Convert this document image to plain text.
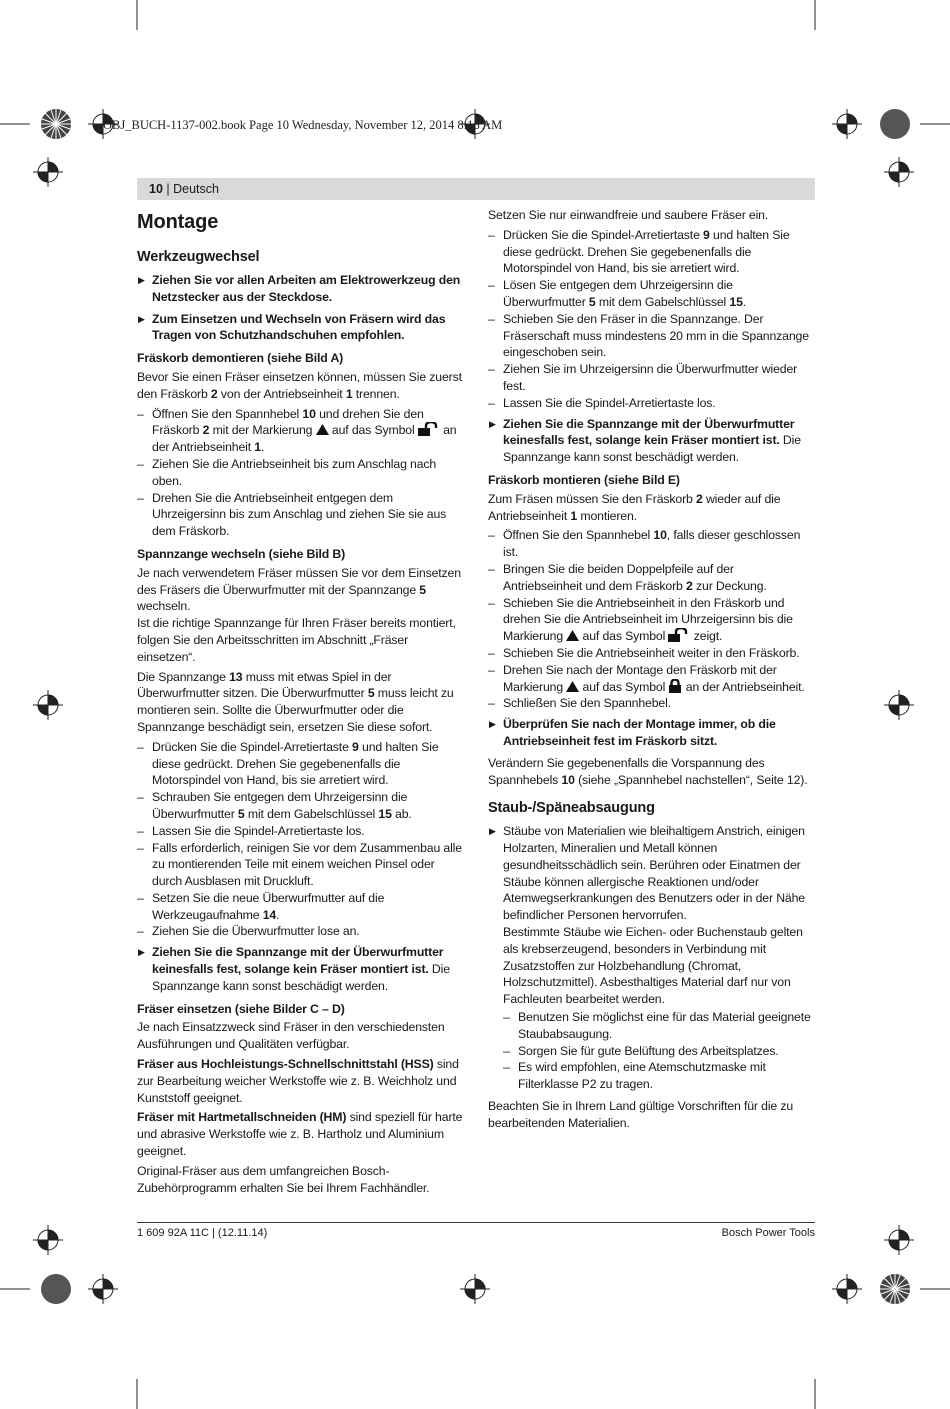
OBJ_BUCH-1137-002.book Page 10 Wednesday, November 12, 2014 8:16 AM
10 | Deutsch
Montage
Werkzeugwechsel
▶ Ziehen Sie vor allen Arbeiten am Elektrowerkzeug den Netzstecker aus der Steckdose.
▶ Zum Einsetzen und Wechseln von Fräsern wird das Tragen von Schutzhandschuhen empfohlen.
Fräskorb demontieren (siehe Bild A)

Bevor Sie einen Fräser einsetzen können, müssen Sie zuerst den Fräskorb 2 von der Antriebseinheit 1 trennen.

– Öffnen Sie den Spannhebel 10 und drehen Sie den Fräskorb 2 mit der Markierung  auf das Symbol  an der Antriebseinheit 1.
– Ziehen Sie die Antriebseinheit bis zum Anschlag nach oben.
– Drehen Sie die Antriebseinheit entgegen dem Uhrzeigersinn bis zum Anschlag und ziehen Sie sie aus dem Fräskorb.
Spannzange wechseln (siehe Bild B)

Je nach verwendetem Fräser müssen Sie vor dem Einsetzen des Fräsers die Überwurfmutter mit der Spannzange 5 wechseln.

Ist die richtige Spannzange für Ihren Fräser bereits montiert, folgen Sie den Arbeitsschritten im Abschnitt „Fräser einsetzen“.

Die Spannzange 13 muss mit etwas Spiel in der Überwurfmutter sitzen. Die Überwurfmutter 5 muss leicht zu montieren sein. Sollte die Überwurfmutter oder die Spannzange beschädigt sein, ersetzen Sie diese sofort.

– Drücken Sie die Spindel-Arretiertaste 9 und halten Sie diese gedrückt. Drehen Sie gegebenenfalls die Motorspindel von Hand, bis sie arretiert wird.
– Schrauben Sie entgegen dem Uhrzeigersinn die Überwurfmutter 5 mit dem Gabelschlüssel 15 ab.
– Lassen Sie die Spindel-Arretiertaste los.
– Falls erforderlich, reinigen Sie vor dem Zusammenbau alle zu montierenden Teile mit einem weichen Pinsel oder durch Ausblasen mit Druckluft.
– Setzen Sie die neue Überwurfmutter auf die Werkzeugaufnahme 14.
– Ziehen Sie die Überwurfmutter lose an.
▶ Ziehen Sie die Spannzange mit der Überwurfmutter keinesfalls fest, solange kein Fräser montiert ist. Die Spannzange kann sonst beschädigt werden.
Fräser einsetzen (siehe Bilder C – D)

Je nach Einsatzzweck sind Fräser in den verschiedensten Ausführungen und Qualitäten verfügbar.

Fräser aus Hochleistungs-Schnellschnittstahl (HSS) sind zur Bearbeitung weicher Werkstoffe wie z. B. Weichholz und Kunststoff geeignet.

Fräser mit Hartmetallschneiden (HM) sind speziell für harte und abrasive Werkstoffe wie z. B. Hartholz und Aluminium geeignet.

Original-Fräser aus dem umfangreichen Bosch-Zubehörprogramm erhalten Sie bei Ihrem Fachhändler.

Setzen Sie nur einwandfreie und saubere Fräser ein.

– Drücken Sie die Spindel-Arretiertaste 9 und halten Sie diese gedrückt. Drehen Sie gegebenenfalls die Motorspindel von Hand, bis sie arretiert wird.
– Lösen Sie entgegen dem Uhrzeigersinn die Überwurfmutter 5 mit dem Gabelschlüssel 15.
– Schieben Sie den Fräser in die Spannzange. Der Fräserschaft muss mindestens 20 mm in die Spannzange eingeschoben sein.
– Ziehen Sie im Uhrzeigersinn die Überwurfmutter wieder fest.
– Lassen Sie die Spindel-Arretiertaste los.
▶ Ziehen Sie die Spannzange mit der Überwurfmutter keinesfalls fest, solange kein Fräser montiert ist. Die Spannzange kann sonst beschädigt werden.
Fräskorb montieren (siehe Bild E)

Zum Fräsen müssen Sie den Fräskorb 2 wieder auf die Antriebseinheit 1 montieren.

– Öffnen Sie den Spannhebel 10, falls dieser geschlossen ist.
– Bringen Sie die beiden Doppelpfeile auf der Antriebseinheit und dem Fräskorb 2 zur Deckung.
– Schieben Sie die Antriebseinheit in den Fräskorb und drehen Sie die Antriebseinheit im Uhrzeigersinn bis die Markierung  auf das Symbol  zeigt.
– Schieben Sie die Antriebseinheit weiter in den Fräskorb.
– Drehen Sie nach der Montage den Fräskorb mit der Markierung  auf das Symbol  an der Antriebseinheit.
– Schließen Sie den Spannhebel.
▶ Überprüfen Sie nach der Montage immer, ob die Antriebseinheit fest im Fräskorb sitzt.

Verändern Sie gegebenenfalls die Vorspannung des Spannhebels 10 (siehe „Spannhebel nachstellen“, Seite 12).

Staub-/Späneabsaugung
▶ Stäube von Materialien wie bleihaltigem Anstrich, einigen Holzarten, Mineralien und Metall können gesundheitsschädlich sein. Berühren oder Einatmen der Stäube können allergische Reaktionen und/oder Atemwegserkrankungen des Benutzers oder in der Nähe befindlicher Personen hervorrufen.
Bestimmte Stäube wie Eichen- oder Buchenstaub gelten als krebserzeugend, besonders in Verbindung mit Zusatzstoffen zur Holzbehandlung (Chromat, Holzschutzmittel). Asbesthaltiges Material darf nur von Fachleuten bearbeitet werden.
– Benutzen Sie möglichst eine für das Material geeignete Staubabsaugung.
– Sorgen Sie für gute Belüftung des Arbeitsplatzes.
– Es wird empfohlen, eine Atemschutzmaske mit Filterklasse P2 zu tragen.

Beachten Sie in Ihrem Land gültige Vorschriften für die zu bearbeitenden Materialien.

1 609 92A 11C | (12.11.14)	Bosch Power Tools
